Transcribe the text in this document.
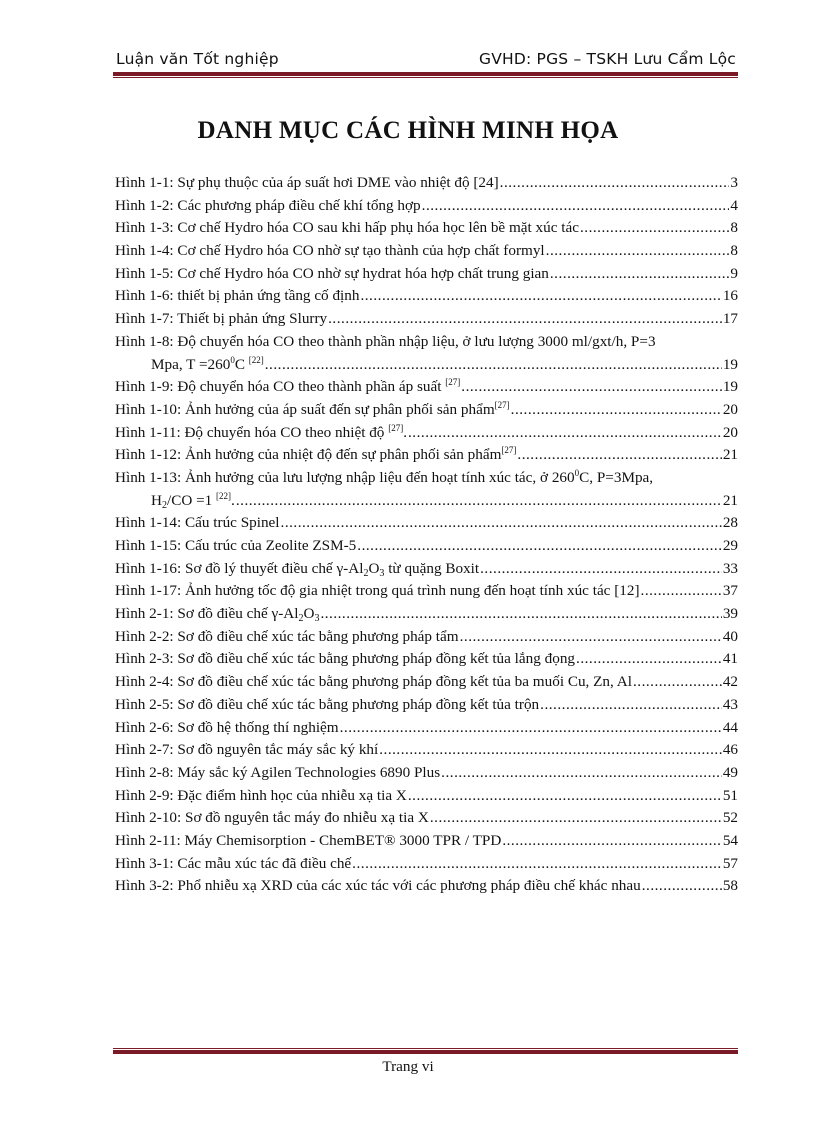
Luận văn Tốt nghiệp	GVHD: PGS – TSKH Lưu Cẩm Lộc
DANH MỤC CÁC HÌNH MINH HỌA
Hình 1-1: Sự phụ thuộc của áp suất hơi DME vào nhiệt độ [24] .....	3
Hình 1-2: Các phương pháp điều chế khí tổng hợp .....	4
Hình 1-3: Cơ chế Hydro hóa CO sau khi hấp phụ hóa học lên bề mặt xúc tác .....	8
Hình 1-4: Cơ chế Hydro hóa CO nhờ sự tạo thành của hợp chất formyl .....	8
Hình 1-5: Cơ chế Hydro hóa CO nhờ sự hydrat hóa hợp chất trung gian .....	9
Hình 1-6: thiết bị phản ứng tầng cố định .....	16
Hình 1-7: Thiết bị phản ứng Slurry .....	17
Hình 1-8: Độ chuyển hóa CO theo thành phần nhập liệu, ở lưu lượng 3000 ml/gxt/h, P=3
Mpa, $T =260^0C$ [22] .....	19
Hình 1-9: Độ chuyển hóa CO theo thành phần áp suất [27] .....	19
Hình 1-10: Ảnh hưởng của áp suất đến sự phân phối sản phẩm[27] .....	20
Hình 1-11: Độ chuyển hóa CO theo nhiệt độ [27]. .....	20
Hình 1-12: Ảnh hưởng của nhiệt độ đến sự phân phối sản phẩm[27] .....	21
Hình 1-13: Ảnh hưởng của lưu lượng nhập liệu đến hoạt tính xúc tác, ở $260^0C$, P=3Mpa,
$H_2/CO =1$ [22]. .....	21
Hình 1-14: Cấu trúc Spinel .....	28
Hình 1-15: Cấu trúc của Zeolite ZSM-5 .....	29
Hình 1-16: Sơ đồ lý thuyết điều chế $\gamma-Al_2O_3$ từ quặng Boxit .....	33
Hình 1-17: Ảnh hưởng tốc độ gia nhiệt trong quá trình nung đến hoạt tính xúc tác [12] .....	37
Hình 2-1: Sơ đồ điều chế $\gamma-Al_2O_3$ .....	39
Hình 2-2: Sơ đồ điều chế xúc tác bằng phương pháp tẩm .....	40
Hình 2-3: Sơ đồ điều chế xúc tác bằng phương pháp đồng kết tủa lắng đọng .....	41
Hình 2-4: Sơ đồ điều chế xúc tác bằng phương pháp đồng kết tủa ba muối Cu, Zn, Al .....	42
Hình 2-5: Sơ đồ điều chế xúc tác bằng phương pháp đồng kết tủa trộn .....	43
Hình 2-6: Sơ đồ hệ thống thí nghiệm .....	44
Hình 2-7: Sơ đồ nguyên tắc máy sắc ký khí .....	46
Hình 2-8: Máy sắc ký Agilen Technologies 6890 Plus .....	49
Hình 2-9: Đặc điểm hình học của nhiễu xạ tia X .....	51
Hình 2-10: Sơ đồ nguyên tắc máy đo nhiễu xạ tia X .....	52
Hình 2-11: Máy Chemisorption - ChemBET® 3000 TPR / TPD .....	54
Hình 3-1: Các mẫu xúc tác đã điều chế .....	57
Hình 3-2: Phổ nhiễu xạ XRD của các xúc tác với các phương pháp điều chế khác nhau .....	58
Trang vi
